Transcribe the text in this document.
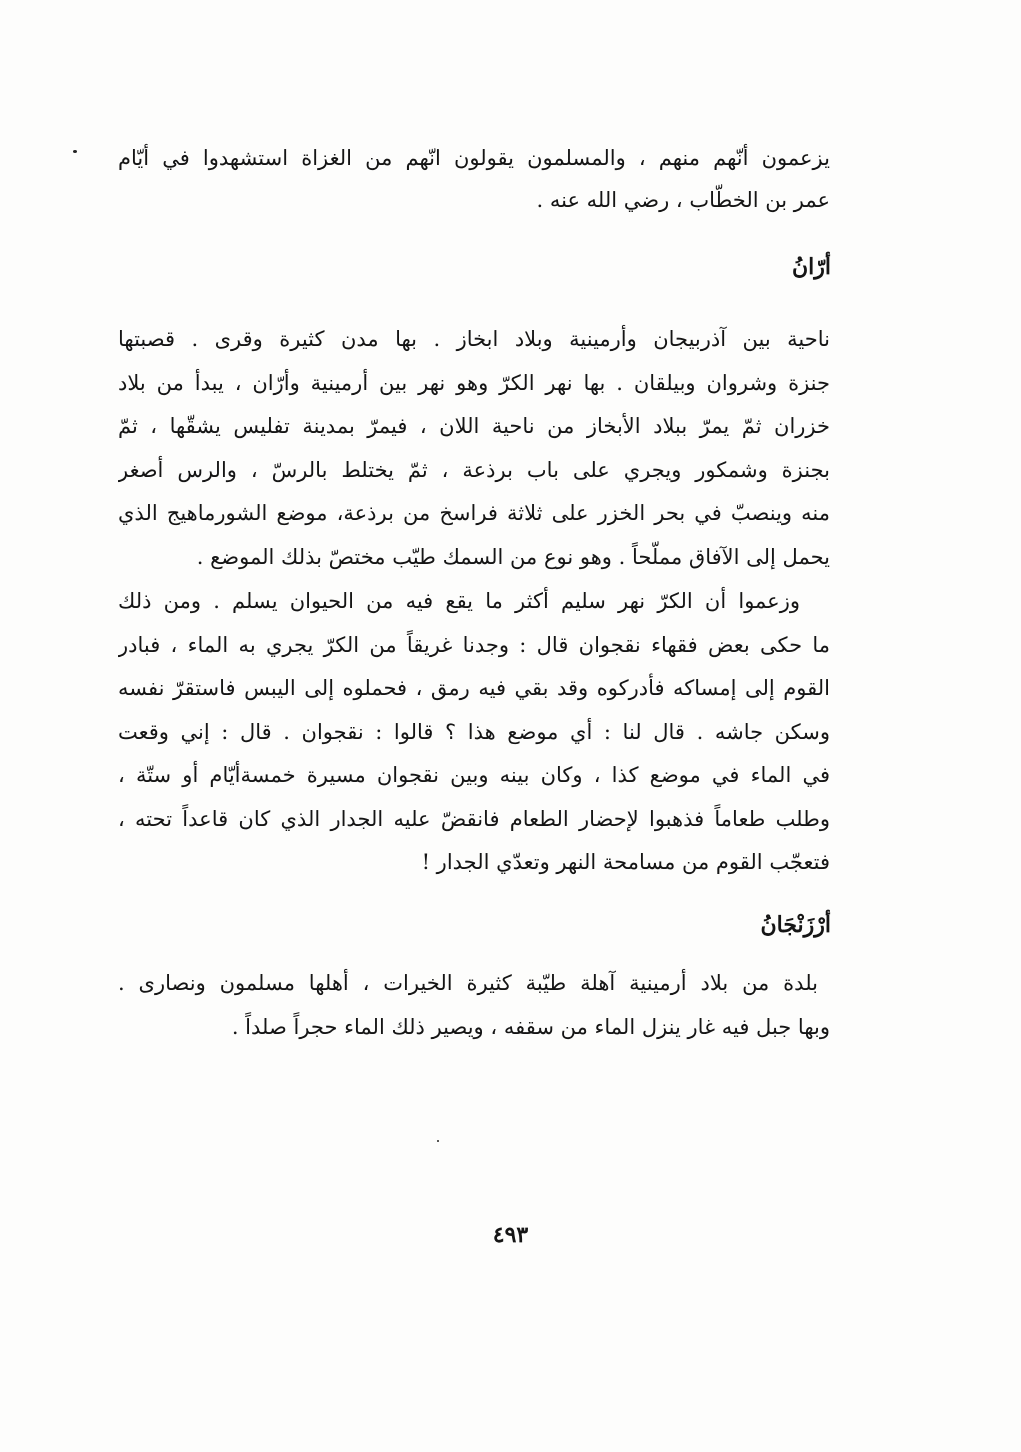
يزعمون أنّهم منهم ، والمسلمون يقولون انّهم من الغزاة استشهدوا في أيّام
عمر بن الخطّاب ، رضي الله عنه .
أرّانُ
ناحية بين آذربيجان وأرمينية وبلاد ابخاز . بها مدن كثيرة وقرى . قصبتها
جنزة وشروان وبيلقان . بها نهر الكرّ وهو نهر بين أرمينية وأرّان ، يبدأ من بلاد
خزران ثمّ يمرّ ببلاد الأبخاز من ناحية اللان ، فيمرّ بمدينة تفليس يشقّها ، ثمّ
بجنزة وشمكور ويجري على باب برذعة ، ثمّ يختلط بالرسّ ، والرس أصغر
منه وينصبّ في بحر الخزر على ثلاثة فراسخ من برذعة، موضع الشورماهيج الذي
يحمل إلى الآفاق مملّحاً . وهو نوع من السمك طيّب مختصّ بذلك الموضع .
وزعموا أن الكرّ نهر سليم أكثر ما يقع فيه من الحيوان يسلم . ومن ذلك
ما حكى بعض فقهاء نقجوان قال : وجدنا غريقاً من الكرّ يجري به الماء ، فبادر
القوم إلى إمساكه فأدركوه وقد بقي فيه رمق ، فحملوه إلى اليبس فاستقرّ نفسه
وسكن جاشه . قال لنا : أي موضع هذا ؟ قالوا : نقجوان . قال : إني وقعت
في الماء في موضع كذا ، وكان بينه وبين نقجوان مسيرة خمسةأيّام أو ستّة ،
وطلب طعاماً فذهبوا لإحضار الطعام فانقضّ عليه الجدار الذي كان قاعداً تحته ،
فتعجّب القوم من مسامحة النهر وتعدّي الجدار !
أرْزَنْجَانُ
بلدة من بلاد أرمينية آهلة طيّبة كثيرة الخيرات ، أهلها مسلمون ونصارى .
وبها جبل فيه غار ينزل الماء من سقفه ، ويصير ذلك الماء حجراً صلداً .
٤٩٣
